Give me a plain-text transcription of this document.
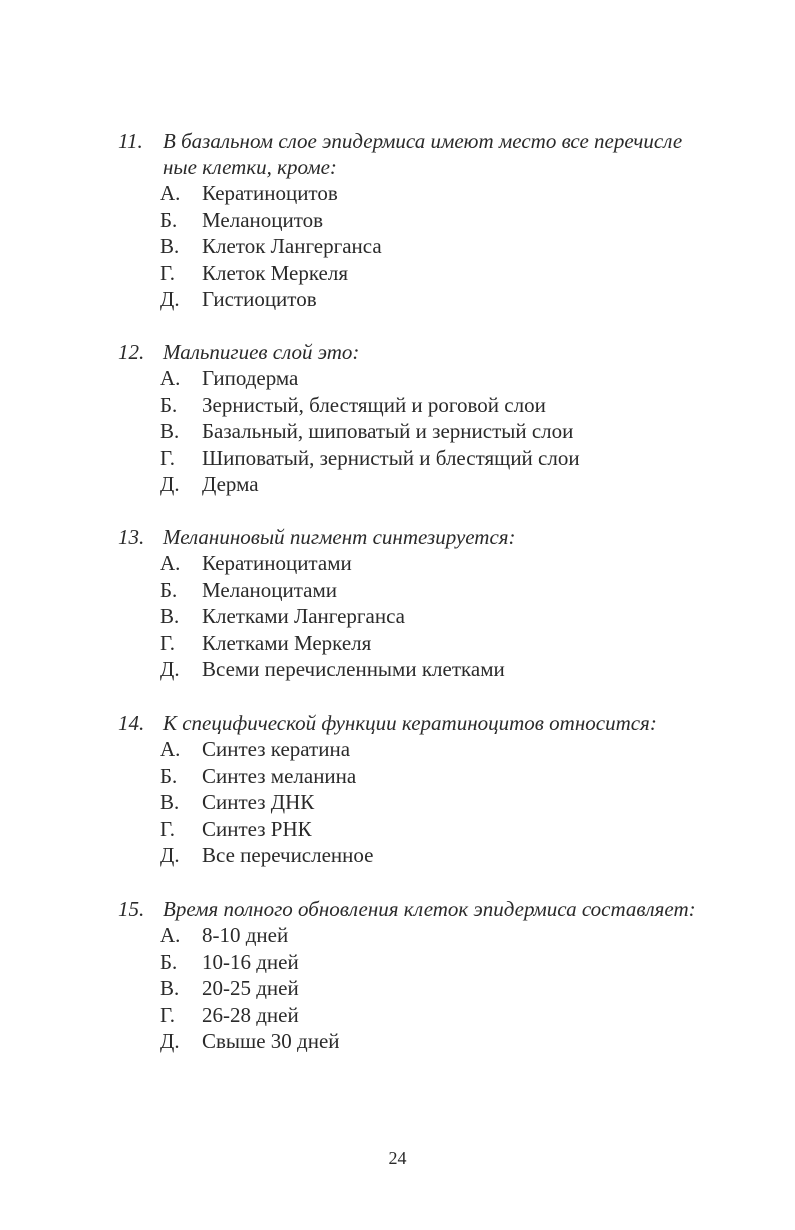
11. В базальном слое эпидермиса имеют место все перечисле
ные клетки, кроме:
А. Кератиноцитов
Б. Меланоцитов
В. Клеток Лангерганса
Г. Клеток Меркеля
Д. Гистиоцитов
12. Мальпигиев слой это:
А. Гиподерма
Б. Зернистый, блестящий и роговой слои
В. Базальный, шиповатый и зернистый слои
Г. Шиповатый, зернистый и блестящий слои
Д. Дерма
13. Меланиновый пигмент синтезируется:
А. Кератиноцитами
Б. Меланоцитами
В. Клетками Лангерганса
Г. Клетками Меркеля
Д. Всеми перечисленными клетками
14. К специфической функции кератиноцитов относится:
А. Синтез кератина
Б. Синтез меланина
В. Синтез ДНК
Г. Синтез РНК
Д. Все перечисленное
15. Время полного обновления клеток эпидермиса составляет:
А. 8-10 дней
Б. 10-16 дней
В. 20-25 дней
Г. 26-28 дней
Д. Свыше 30 дней
24
